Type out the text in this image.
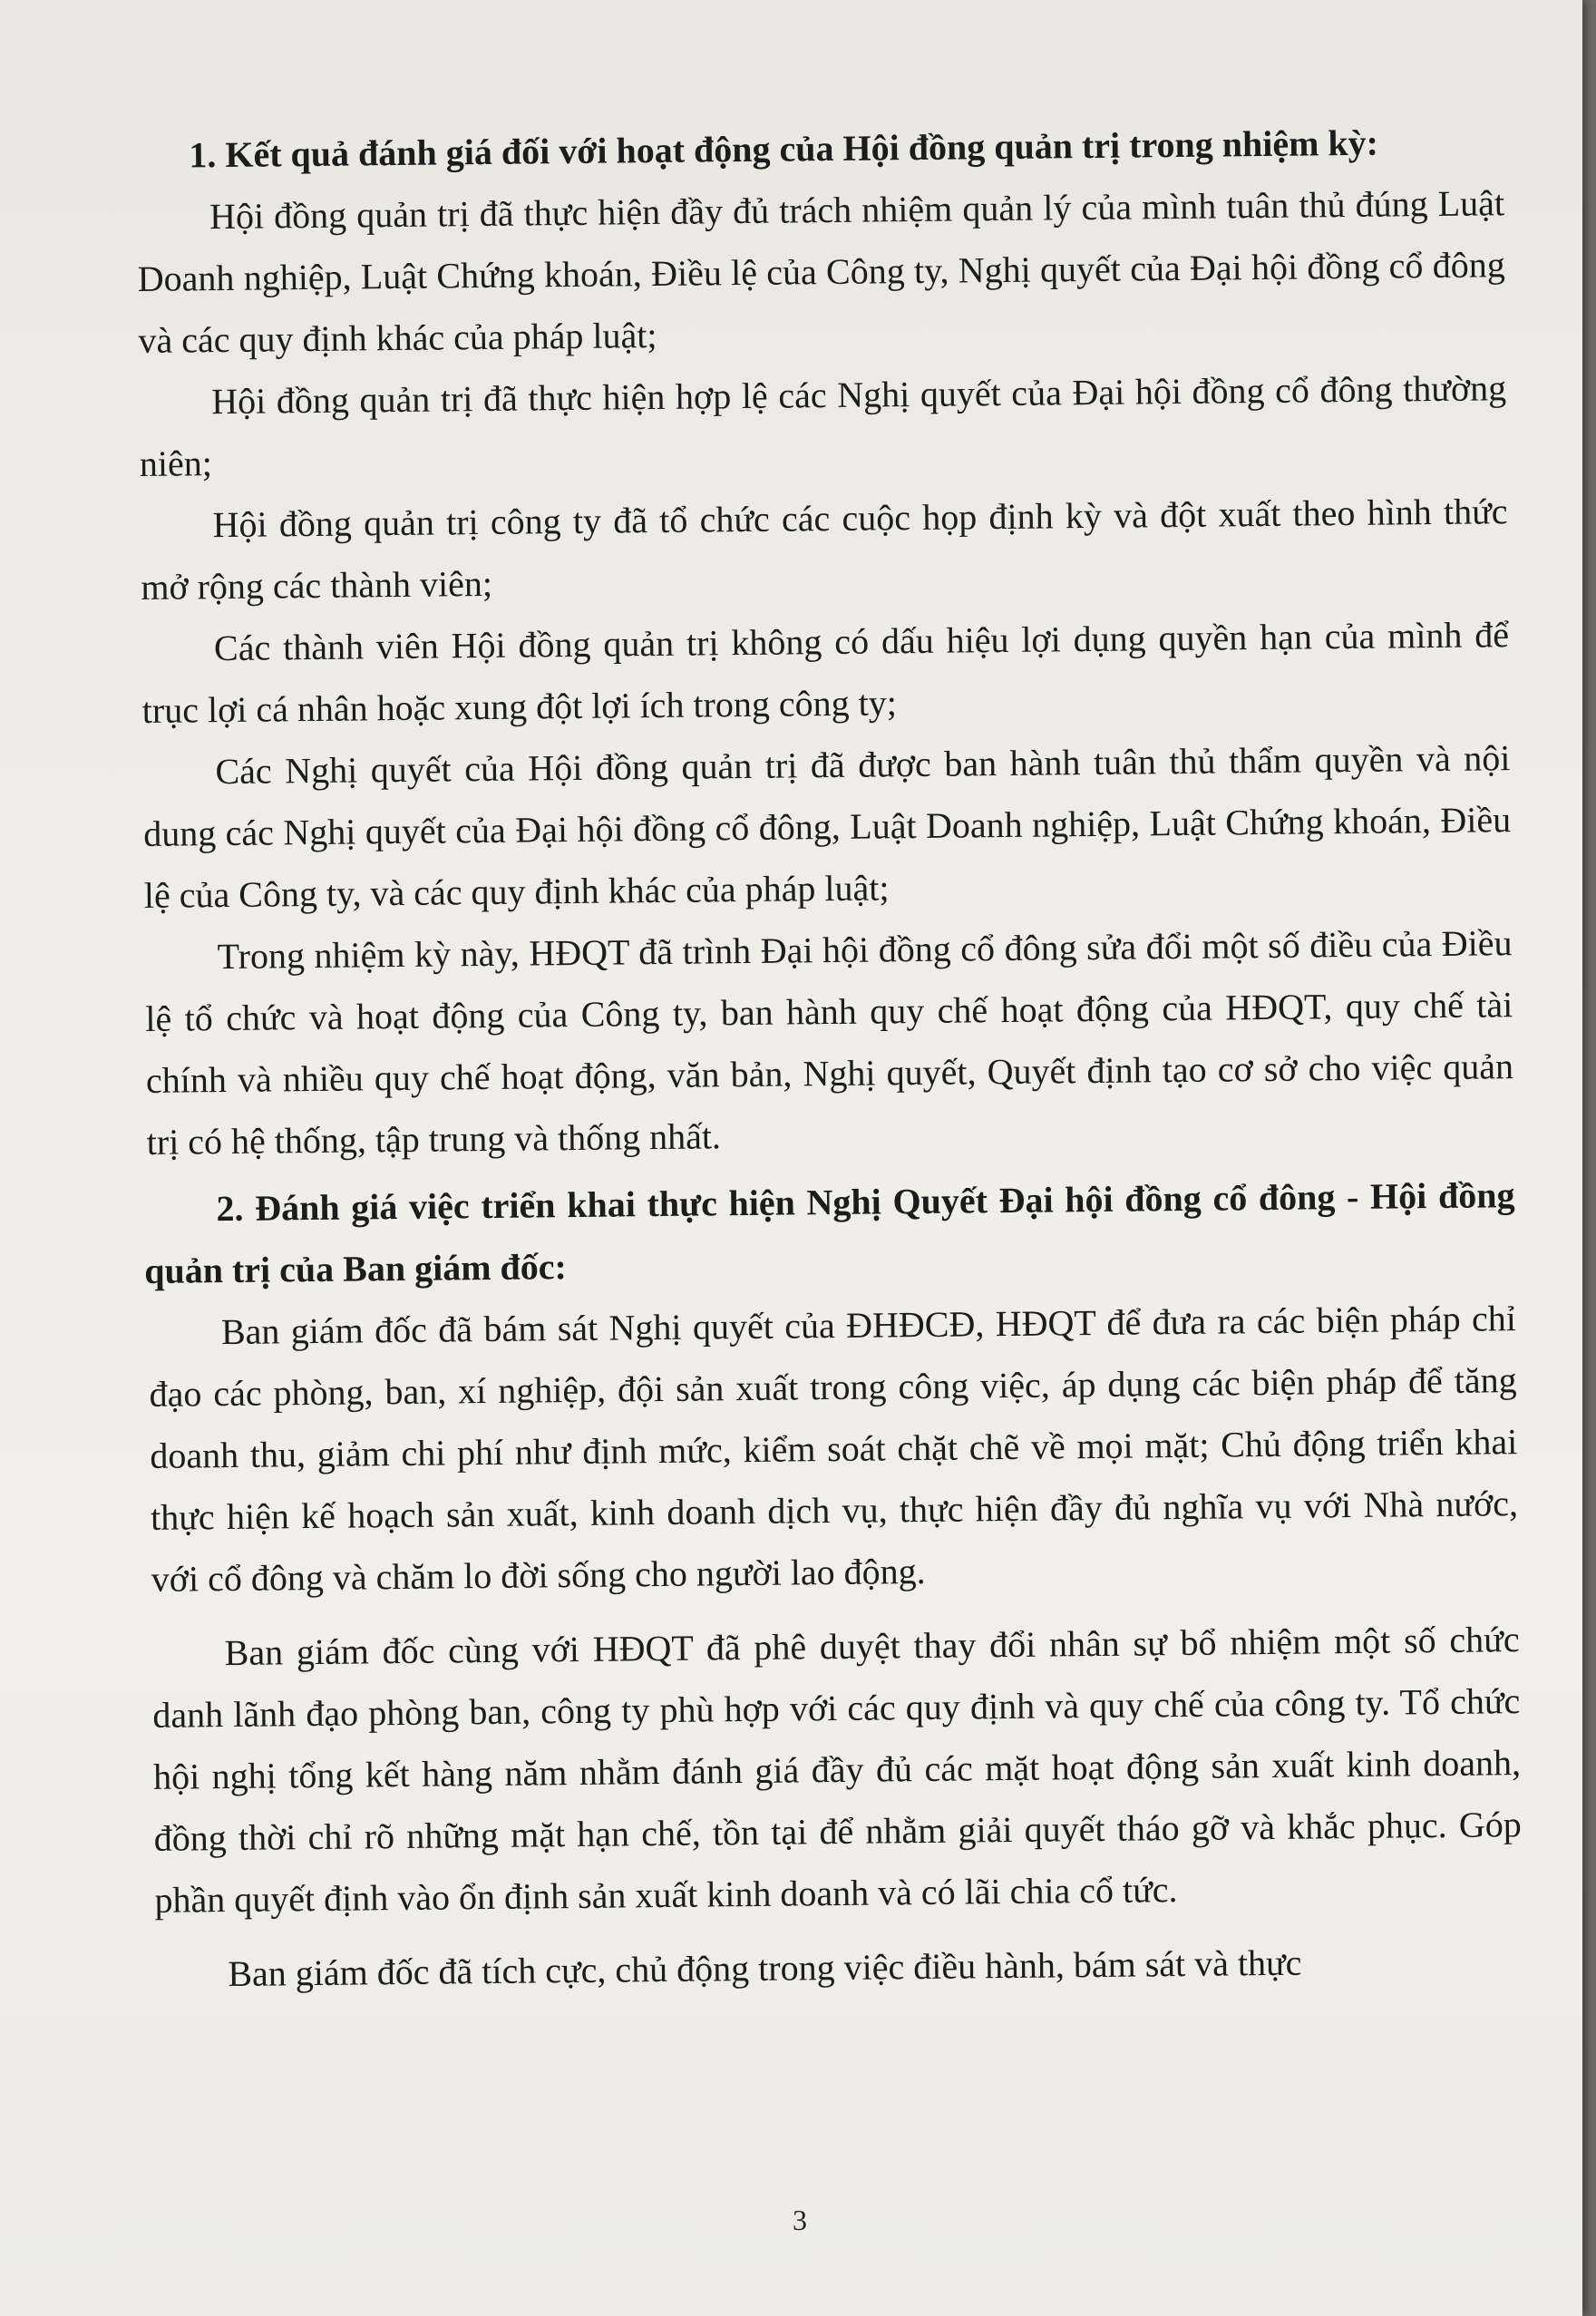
1. Kết quả đánh giá đối với hoạt động của Hội đồng quản trị trong nhiệm kỳ:

Hội đồng quản trị đã thực hiện đầy đủ trách nhiệm quản lý của mình tuân thủ đúng Luật Doanh nghiệp, Luật Chứng khoán, Điều lệ của Công ty, Nghị quyết của Đại hội đồng cổ đông và các quy định khác của pháp luật;

Hội đồng quản trị đã thực hiện hợp lệ các Nghị quyết của Đại hội đồng cổ đông thường niên;

Hội đồng quản trị công ty đã tổ chức các cuộc họp định kỳ và đột xuất theo hình thức mở rộng các thành viên;

Các thành viên Hội đồng quản trị không có dấu hiệu lợi dụng quyền hạn của mình để trục lợi cá nhân hoặc xung đột lợi ích trong công ty;

Các Nghị quyết của Hội đồng quản trị đã được ban hành tuân thủ thẩm quyền và nội dung các Nghị quyết của Đại hội đồng cổ đông, Luật Doanh nghiệp, Luật Chứng khoán, Điều lệ của Công ty, và các quy định khác của pháp luật;

Trong nhiệm kỳ này, HĐQT đã trình Đại hội đồng cổ đông sửa đổi một số điều của Điều lệ tổ chức và hoạt động của Công ty, ban hành quy chế hoạt động của HĐQT, quy chế tài chính và nhiều quy chế hoạt động, văn bản, Nghị quyết, Quyết định tạo cơ sở cho việc quản trị có hệ thống, tập trung và thống nhất.

2. Đánh giá việc triển khai thực hiện Nghị Quyết Đại hội đồng cổ đông - Hội đồng quản trị của Ban giám đốc:

Ban giám đốc đã bám sát Nghị quyết của ĐHĐCĐ, HĐQT để đưa ra các biện pháp chỉ đạo các phòng, ban, xí nghiệp, đội sản xuất trong công việc, áp dụng các biện pháp để tăng doanh thu, giảm chi phí như định mức, kiểm soát chặt chẽ về mọi mặt; Chủ động triển khai thực hiện kế hoạch sản xuất, kinh doanh dịch vụ, thực hiện đầy đủ nghĩa vụ với Nhà nước, với cổ đông và chăm lo đời sống cho người lao động.

Ban giám đốc cùng với HĐQT đã phê duyệt thay đổi nhân sự bổ nhiệm một số chức danh lãnh đạo phòng ban, công ty phù hợp với các quy định và quy chế của công ty. Tổ chức hội nghị tổng kết hàng năm nhằm đánh giá đầy đủ các mặt hoạt động sản xuất kinh doanh, đồng thời chỉ rõ những mặt hạn chế, tồn tại để nhằm giải quyết tháo gỡ và khắc phục. Góp phần quyết định vào ổn định sản xuất kinh doanh và có lãi chia cổ tức.

Ban giám đốc đã tích cực, chủ động trong việc điều hành, bám sát và thực

3
